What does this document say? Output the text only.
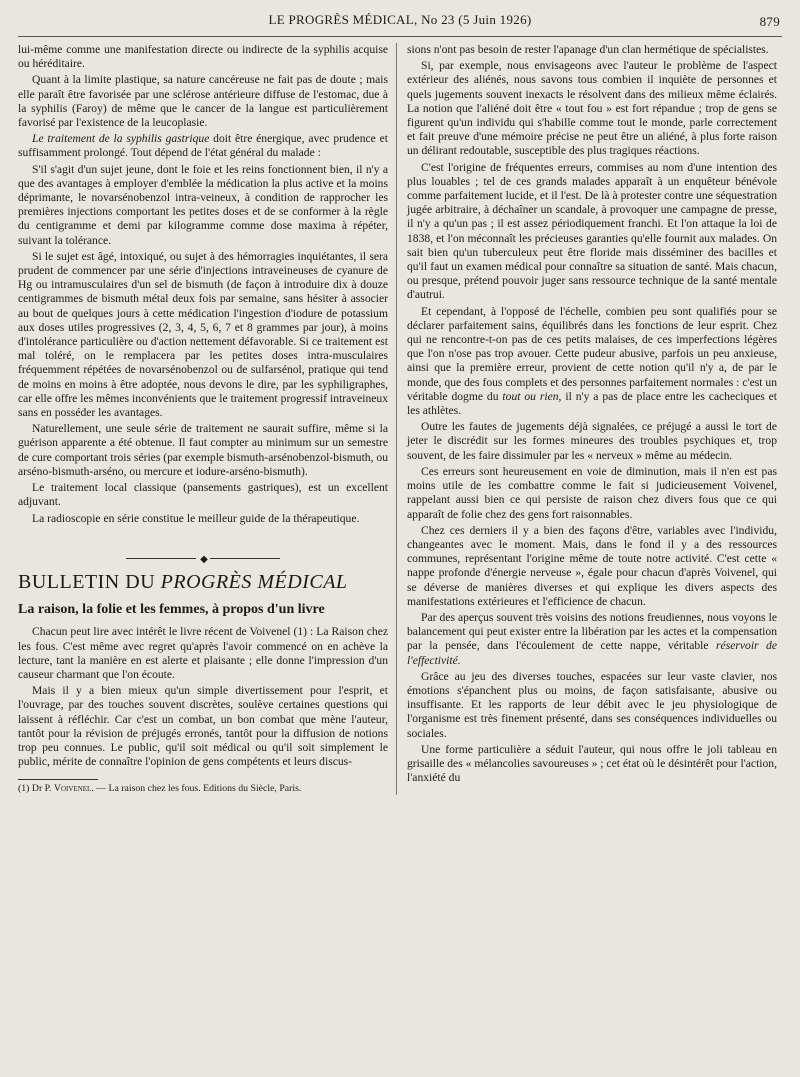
LE PROGRÈS MÉDICAL, No 23 (5 Juin 1926)	879

lui-même comme une manifestation directe ou indirecte de la syphilis acquise ou héréditaire.

Quant à la limite plastique, sa nature cancéreuse ne fait pas de doute ; mais elle paraît être favorisée par une sclérose antérieure diffuse de l'estomac, due à la syphilis (Faroy) de même que le cancer de la langue est particulièrement favorisé par l'existence de la leucoplasie.

Le traitement de la syphilis gastrique doit être énergique, avec prudence et suffisamment prolongé. Tout dépend de l'état général du malade :

S'il s'agit d'un sujet jeune, dont le foie et les reins fonctionnent bien, il n'y a que des avantages à employer d'emblée la médication la plus active et la moins déprimante, le novarsénobenzol intra-veineux, à condition de rapprocher les premières injections comportant les petites doses et de se conformer à la règle du centigramme et demi par kilogramme comme dose maxima à répéter, suivant la tolérance.

Si le sujet est âgé, intoxiqué, ou sujet à des hémorragies inquiétantes, il sera prudent de commencer par une série d'injections intraveineuses de cyanure de Hg ou intramusculaires d'un sel de bismuth (de façon à introduire dix à douze centigrammes de bismuth métal deux fois par semaine, sans hésiter à associer au bout de quelques jours à cette médication l'ingestion d'iodure de potassium aux doses utiles progressives (2, 3, 4, 5, 6, 7 et 8 grammes par jour), à moins d'intolérance particulière ou d'action nettement défavorable. Si ce traitement est mal toléré, on le remplacera par les petites doses intra-musculaires fréquemment répétées de novarsénobenzol ou de sulfarsénol, pratique qui tend de moins en moins à être adoptée, nous devons le dire, par les syphiligraphes, car elle offre les mêmes inconvénients que le traitement progressif intraveineux sans en posséder les avantages.

Naturellement, une seule série de traitement ne saurait suffire, même si la guérison apparente a été obtenue. Il faut compter au minimum sur un semestre de cure comportant trois séries (par exemple bismuth-arsénobenzol-bismuth, ou arséno-bismuth-arséno, ou mercure et iodure-arséno-bismuth).

Le traitement local classique (pansements gastriques), est un excellent adjuvant.

La radioscopie en série constitue le meilleur guide de la thérapeutique.

◆
BULLETIN DU PROGRÈS MÉDICAL
La raison, la folie et les femmes, à propos d'un livre

Chacun peut lire avec intérêt le livre récent de Voivenel (1) : La Raison chez les fous. C'est même avec regret qu'après l'avoir commencé on en achève la lecture, tant la manière en est alerte et plaisante ; elle donne l'impression d'un causeur charmant que l'on écoute.

Mais il y a bien mieux qu'un simple divertissement pour l'esprit, et l'ouvrage, par des touches souvent discrètes, soulève certaines questions qui laissent à réfléchir. Car c'est un combat, un bon combat que mène l'auteur, tantôt pour la révision de préjugés erronés, tantôt pour la diffusion de notions trop peu connues. Le public, qu'il soit médical ou qu'il soit simplement le public, mérite de connaître l'opinion de gens compétents et leurs discus-

(1) Dr P. Voivenel. — La raison chez les fous. Editions du Siècle, Paris.

sions n'ont pas besoin de rester l'apanage d'un clan hermétique de spécialistes.

Si, par exemple, nous envisageons avec l'auteur le problème de l'aspect extérieur des aliénés, nous savons tous combien il inquiète de personnes et quels jugements souvent inexacts le résolvent dans des milieux même éclairés. La notion que l'aliéné doit être « tout fou » est fort répandue ; trop de gens se figurent qu'un individu qui s'habille comme tout le monde, parle correctement et fait preuve d'une mémoire précise ne peut être un aliéné, à plus forte raison un délirant redoutable, susceptible des plus tragiques réactions.

C'est l'origine de fréquentes erreurs, commises au nom d'une intention des plus louables ; tel de ces grands malades apparaît à un enquêteur bénévole comme parfaitement lucide, et il l'est. De là à protester contre une séquestration jugée arbitraire, à déchaîner un scandale, à provoquer une campagne de presse, il n'y a qu'un pas ; il est assez périodiquement franchi. Et l'on attaque la loi de 1838, et l'on méconnaît les précieuses garanties qu'elle fournit aux malades. On sait bien qu'un tuberculeux peut être floride mais disséminer des bacilles et qu'il faut un examen médical pour connaître sa situation de santé. Mais chacun, ou presque, prétend pouvoir juger sans ressource technique de la santé mentale d'autrui.

Et cependant, à l'opposé de l'échelle, combien peu sont qualifiés pour se déclarer parfaitement sains, équilibrés dans les fonctions de leur esprit. Chez qui ne rencontre-t-on pas de ces petits malaises, de ces imperfections légères que l'on n'ose pas trop avouer. Cette pudeur abusive, parfois un peu anxieuse, ainsi que la première erreur, provient de cette notion qu'il n'y a, de par le monde, que des fous complets et des personnes parfaitement normales : c'est un véritable dogme du tout ou rien, il n'y a pas de place entre les cacheciques et les athlètes.

Outre les fautes de jugements déjà signalées, ce préjugé a aussi le tort de jeter le discrédit sur les formes mineures des troubles psychiques et, trop souvent, de les faire dissimuler par les « nerveux » même au médecin.

Ces erreurs sont heureusement en voie de diminution, mais il n'en est pas moins utile de les combattre comme le fait si judicieusement Voivenel, rappelant aussi bien ce qui persiste de raison chez divers fous que ce qui apparaît de folie chez des gens fort raisonnables.

Chez ces derniers il y a bien des façons d'être, variables avec l'individu, changeantes avec le moment. Mais, dans le fond il y a des ressources communes, représentant l'origine même de toute notre activité. C'est cette « nappe profonde d'énergie nerveuse », égale pour chacun d'après Voivenel, qui se déverse de manières diverses et qui explique les divers aspects des manifestations extérieures et l'efficience de chacun.

Par des aperçus souvent très voisins des notions freudiennes, nous voyons le balancement qui peut exister entre la libération par les actes et la compensation par la pensée, dans l'écoulement de cette nappe, véritable réservoir de l'effectivité.

Grâce au jeu des diverses touches, espacées sur leur vaste clavier, nos émotions s'épanchent plus ou moins, de façon satisfaisante, abusive ou insuffisante. Et les rapports de leur débit avec le jeu physiologique de l'organisme est très finement présenté, dans ses conséquences individuelles ou sociales.

Une forme particulière a séduit l'auteur, qui nous offre le joli tableau en grisaille des « mélancolies savoureuses » ; cet état où le désintérêt pour l'action, l'anxiété du
